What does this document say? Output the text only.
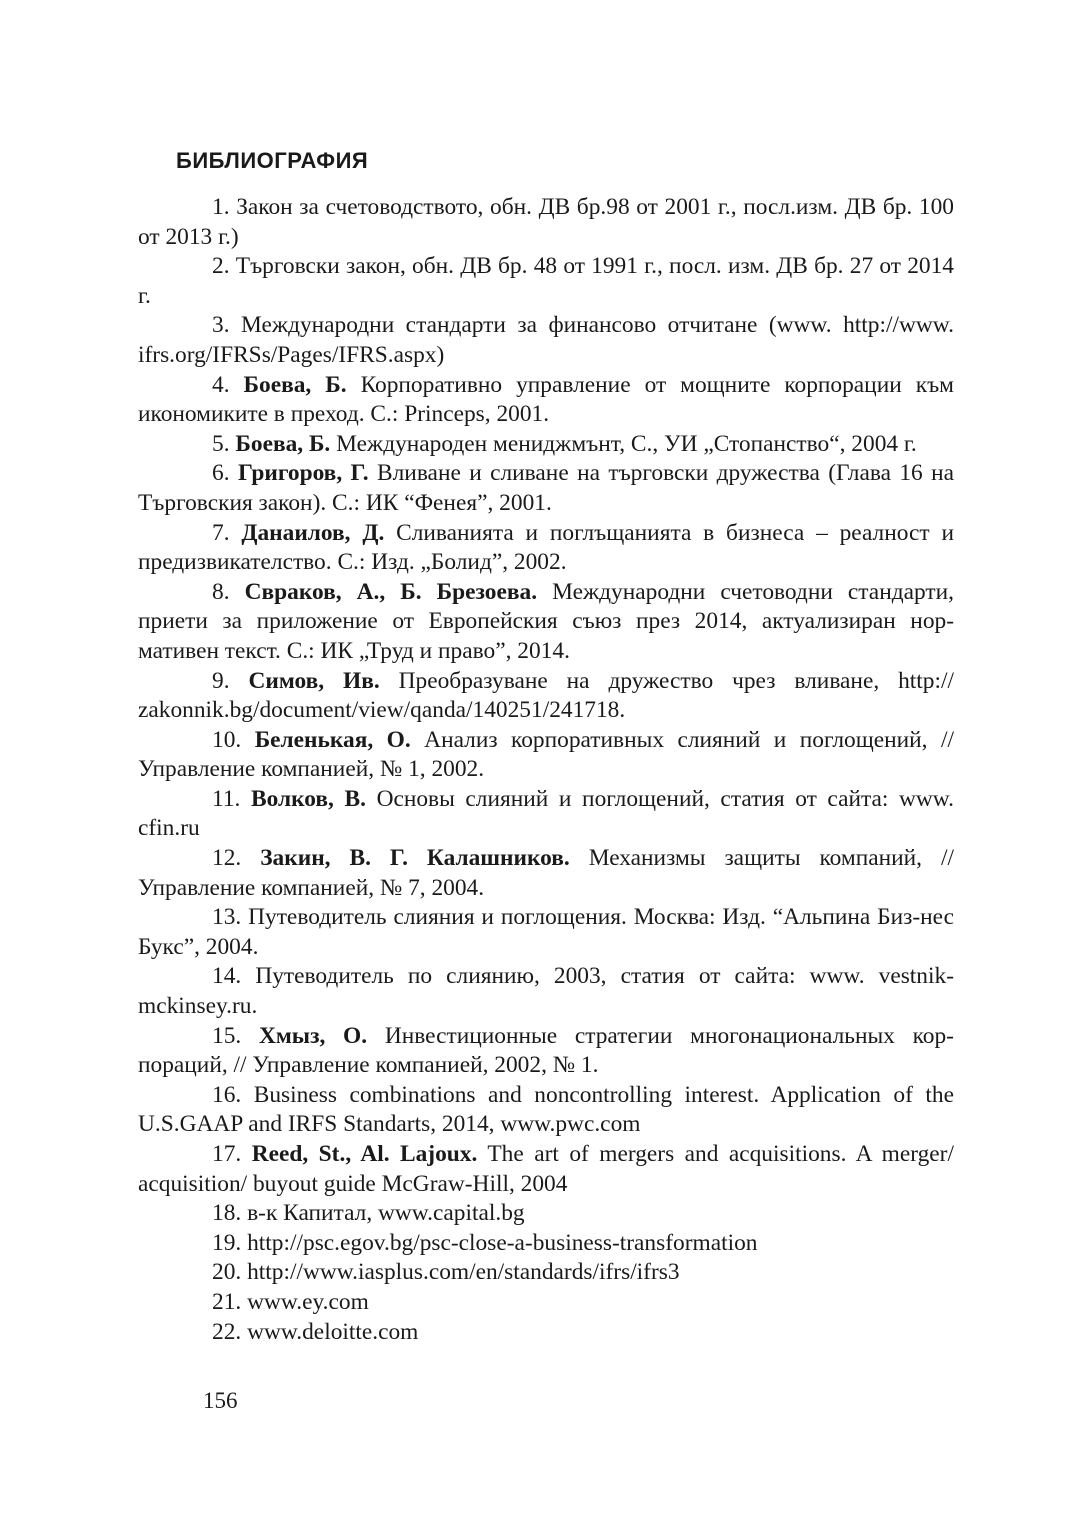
БИБЛИОГРАФИЯ
1. Закон за счетоводството, обн. ДВ бр.98 от 2001 г., посл.изм. ДВ бр. 100 от 2013 г.)
2. Търговски закон, обн. ДВ бр. 48 от 1991 г., посл. изм. ДВ бр. 27 от 2014 г.
3. Международни стандарти за финансово отчитане (www. http://www. ifrs.org/IFRSs/Pages/IFRS.aspx)
4. Боева, Б. Корпоративно управление от мощните корпорации към икономиките в преход. С.: Princeps, 2001.
5. Боева, Б. Международен мениджмънт, С., УИ „Стопанство“, 2004 г.
6. Григоров, Г. Вливане и сливане на търговски дружества (Глава 16 на Търговския закон). С.: ИК “Фенея”, 2001.
7. Данаилов, Д. Сливанията и поглъщанията в бизнеса – реалност и предизвикателство. С.: Изд. „Болид”, 2002.
8. Свраков, А., Б. Брезоева. Международни счетоводни стандарти, приети за приложение от Европейския съюз през 2014, актуализиран нор-мативен текст. С.: ИК „Труд и право”, 2014.
9. Симов, Ив. Преобразуване на дружество чрез вливане, http:// zakonnik.bg/document/view/qanda/140251/241718.
10. Беленькая, О. Анализ корпоративных слияний и поглощений, // Управление компанией, № 1, 2002.
11. Волков, В. Основы слияний и поглощений, статия от сайта: www. cfin.ru
12. Закин, В. Г. Калашников. Механизмы защиты компаний, // Управление компанией, № 7, 2004.
13. Путеводитель слияния и поглощения. Москва: Изд. “Альпина Биз-нес Букс”, 2004.
14. Путеводитель по слиянию, 2003, статия от сайта: www. vestnik-mckinsey.ru.
15. Хмыз, О. Инвестиционные стратегии многонациональных кор-пораций, // Управление компанией, 2002, № 1.
16. Business combinations and noncontrolling interest. Application of the U.S.GAAP and IRFS Standarts, 2014, www.pwc.com
17. Reed, St., Al. Lajoux. The art of mergers and acquisitions. A merger/ acquisition/ buyout guide McGraw-Hill, 2004
18. в-к Капитал, www.capital.bg
19. http://psc.egov.bg/psc-close-a-business-transformation
20. http://www.iasplus.com/en/standards/ifrs/ifrs3
21. www.ey.com
22. www.deloitte.com
156
